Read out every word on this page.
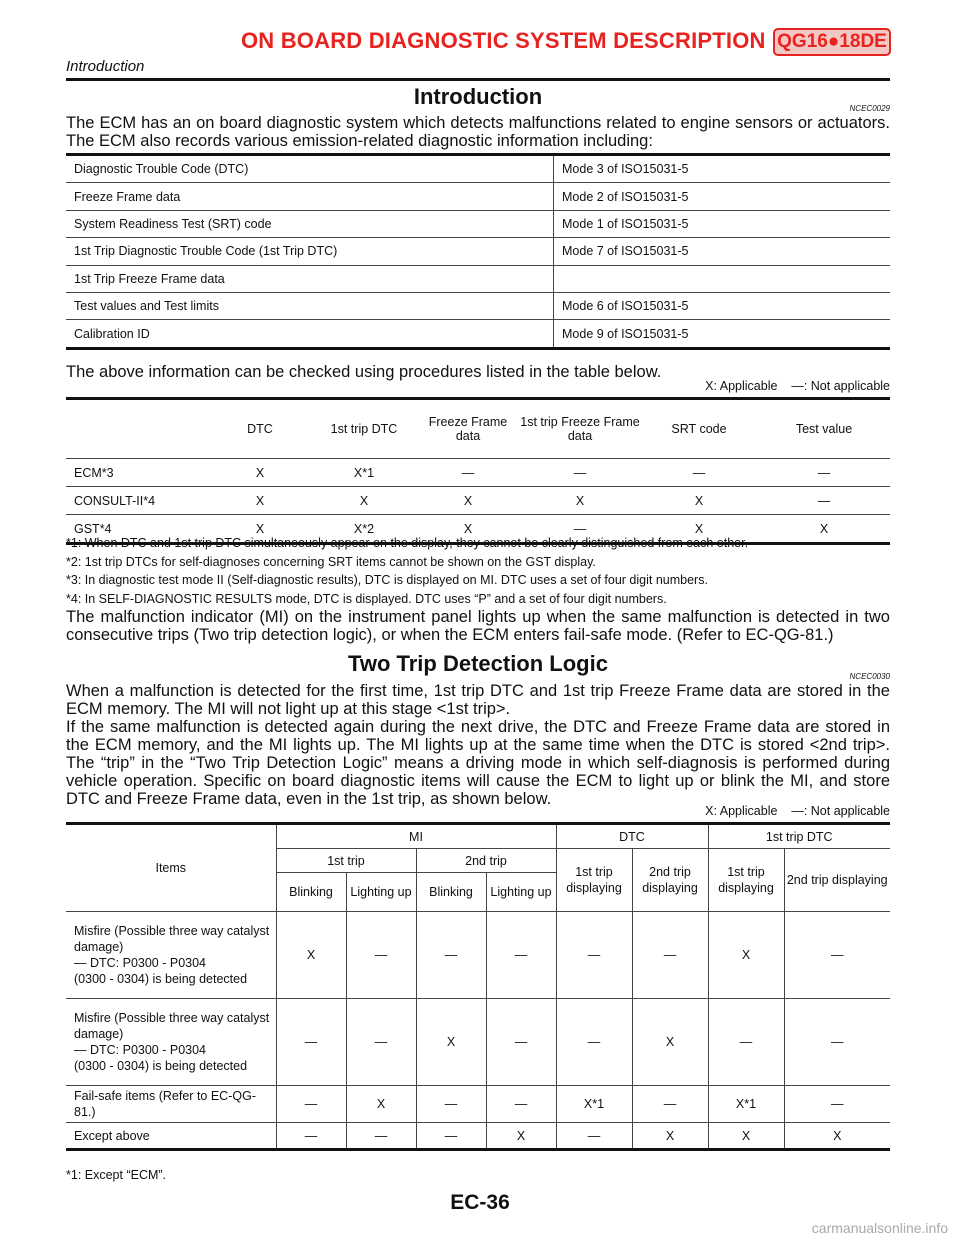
ON BOARD DIAGNOSTIC SYSTEM DESCRIPTION QG16●18DE
Introduction
Introduction	NCEC0029

The ECM has an on board diagnostic system which detects malfunctions related to engine sensors or actuators. The ECM also records various emission-related diagnostic information including:

Diagnostic Trouble Code (DTC)	Mode 3 of ISO15031-5
Freeze Frame data	Mode 2 of ISO15031-5
System Readiness Test (SRT) code	Mode 1 of ISO15031-5
1st Trip Diagnostic Trouble Code (1st Trip DTC)	Mode 7 of ISO15031-5
1st Trip Freeze Frame data	
Test values and Test limits	Mode 6 of ISO15031-5
Calibration ID	Mode 9 of ISO15031-5

The above information can be checked using procedures listed in the table below.

X: Applicable    —: Not applicable
	DTC	1st trip DTC	Freeze Frame data	1st trip Freeze Frame data	SRT code	Test value
ECM*3	X	X*1	—	—	—	—
CONSULT-II*4	X	X	X	X	X	—
GST*4	X	X*2	X	—	X	X
*1: When DTC and 1st trip DTC simultaneously appear on the display, they cannot be clearly distinguished from each other.
*2: 1st trip DTCs for self-diagnoses concerning SRT items cannot be shown on the GST display.
*3: In diagnostic test mode II (Self-diagnostic results), DTC is displayed on MI. DTC uses a set of four digit numbers.
*4: In SELF-DIAGNOSTIC RESULTS mode, DTC is displayed. DTC uses “P” and a set of four digit numbers.

The malfunction indicator (MI) on the instrument panel lights up when the same malfunction is detected in two consecutive trips (Two trip detection logic), or when the ECM enters fail-safe mode. (Refer to EC-QG-81.)

Two Trip Detection Logic
NCEC0030

When a malfunction is detected for the first time, 1st trip DTC and 1st trip Freeze Frame data are stored in the ECM memory. The MI will not light up at this stage <1st trip>.

If the same malfunction is detected again during the next drive, the DTC and Freeze Frame data are stored in the ECM memory, and the MI lights up. The MI lights up at the same time when the DTC is stored <2nd trip>. The “trip” in the “Two Trip Detection Logic” means a driving mode in which self-diagnosis is performed during vehicle operation. Specific on board diagnostic items will cause the ECM to light up or blink the MI, and store DTC and Freeze Frame data, even in the 1st trip, as shown below.

X: Applicable    —: Not applicable
Items	MI				DTC		1st trip DTC	
	1st trip		2nd trip		1st trip displaying	2nd trip displaying	1st trip displaying	2nd trip displaying
	Blinking	Lighting up	Blinking	Lighting up				
Misfire (Possible three way catalyst damage)
— DTC: P0300 - P0304
(0300 - 0304) is being detected	X	—	—	—	—	—	X	—
Misfire (Possible three way catalyst damage)
— DTC: P0300 - P0304
(0300 - 0304) is being detected	—	—	X	—	—	X	—	—
Fail-safe items (Refer to EC-QG-81.)	—	X	—	—	X*1	—	X*1	—
Except above	—	—	—	X	—	X	X	X
*1: Except “ECM”.
EC-36
carmanualsonline.info
